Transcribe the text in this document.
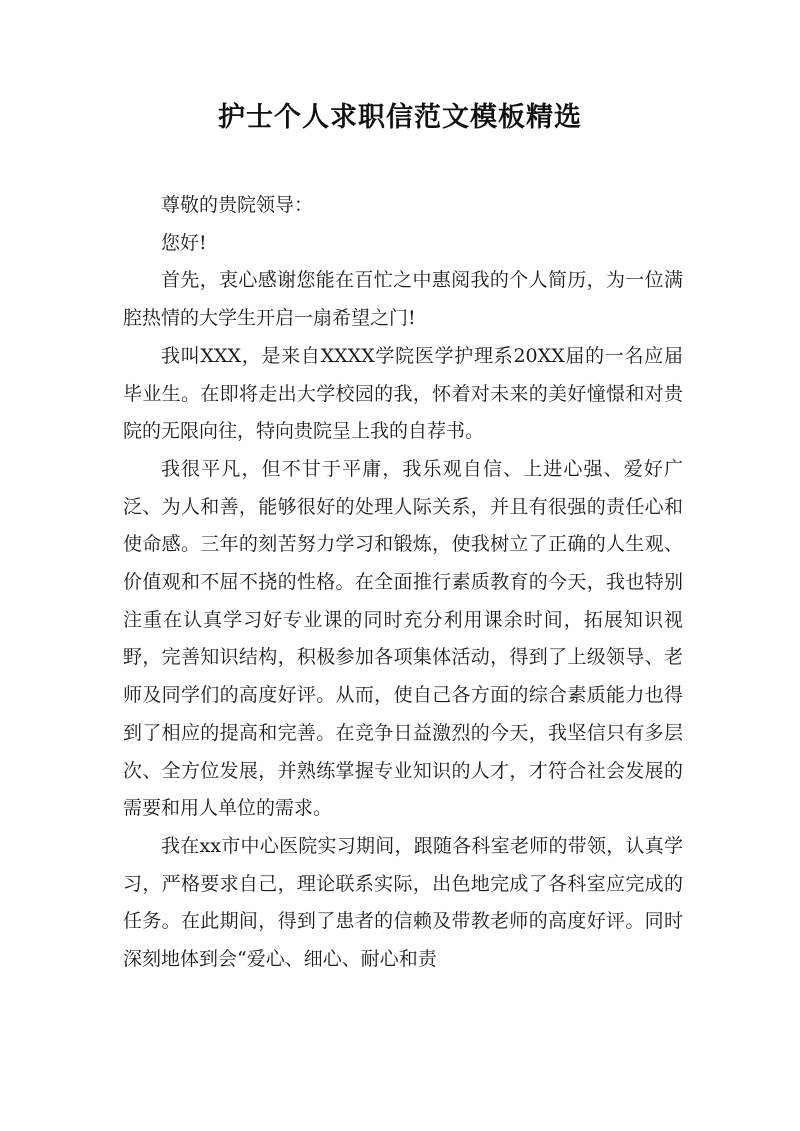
护士个人求职信范文模板精选

尊敬的贵院领导：

您好!

首先，衷心感谢您能在百忙之中惠阅我的个人简历，为一位满腔热情的大学生开启一扇希望之门!

我叫XXX，是来自XXXX学院医学护理系20XX届的一名应届毕业生。在即将走出大学校园的我，怀着对未来的美好憧憬和对贵院的无限向往，特向贵院呈上我的自荐书。

我很平凡，但不甘于平庸，我乐观自信、上进心强、爱好广泛、为人和善，能够很好的处理人际关系，并且有很强的责任心和使命感。三年的刻苦努力学习和锻炼，使我树立了正确的人生观、价值观和不屈不挠的性格。在全面推行素质教育的今天，我也特别注重在认真学习好专业课的同时充分利用课余时间，拓展知识视野，完善知识结构，积极参加各项集体活动，得到了上级领导、老师及同学们的高度好评。从而，使自己各方面的综合素质能力也得到了相应的提高和完善。在竞争日益激烈的今天，我坚信只有多层次、全方位发展，并熟练掌握专业知识的人才，才符合社会发展的需要和用人单位的需求。

我在xx市中心医院实习期间，跟随各科室老师的带领，认真学习，严格要求自己，理论联系实际，出色地完成了各科室应完成的任务。在此期间，得到了患者的信赖及带教老师的高度好评。同时深刻地体到会“爱心、细心、耐心和责
